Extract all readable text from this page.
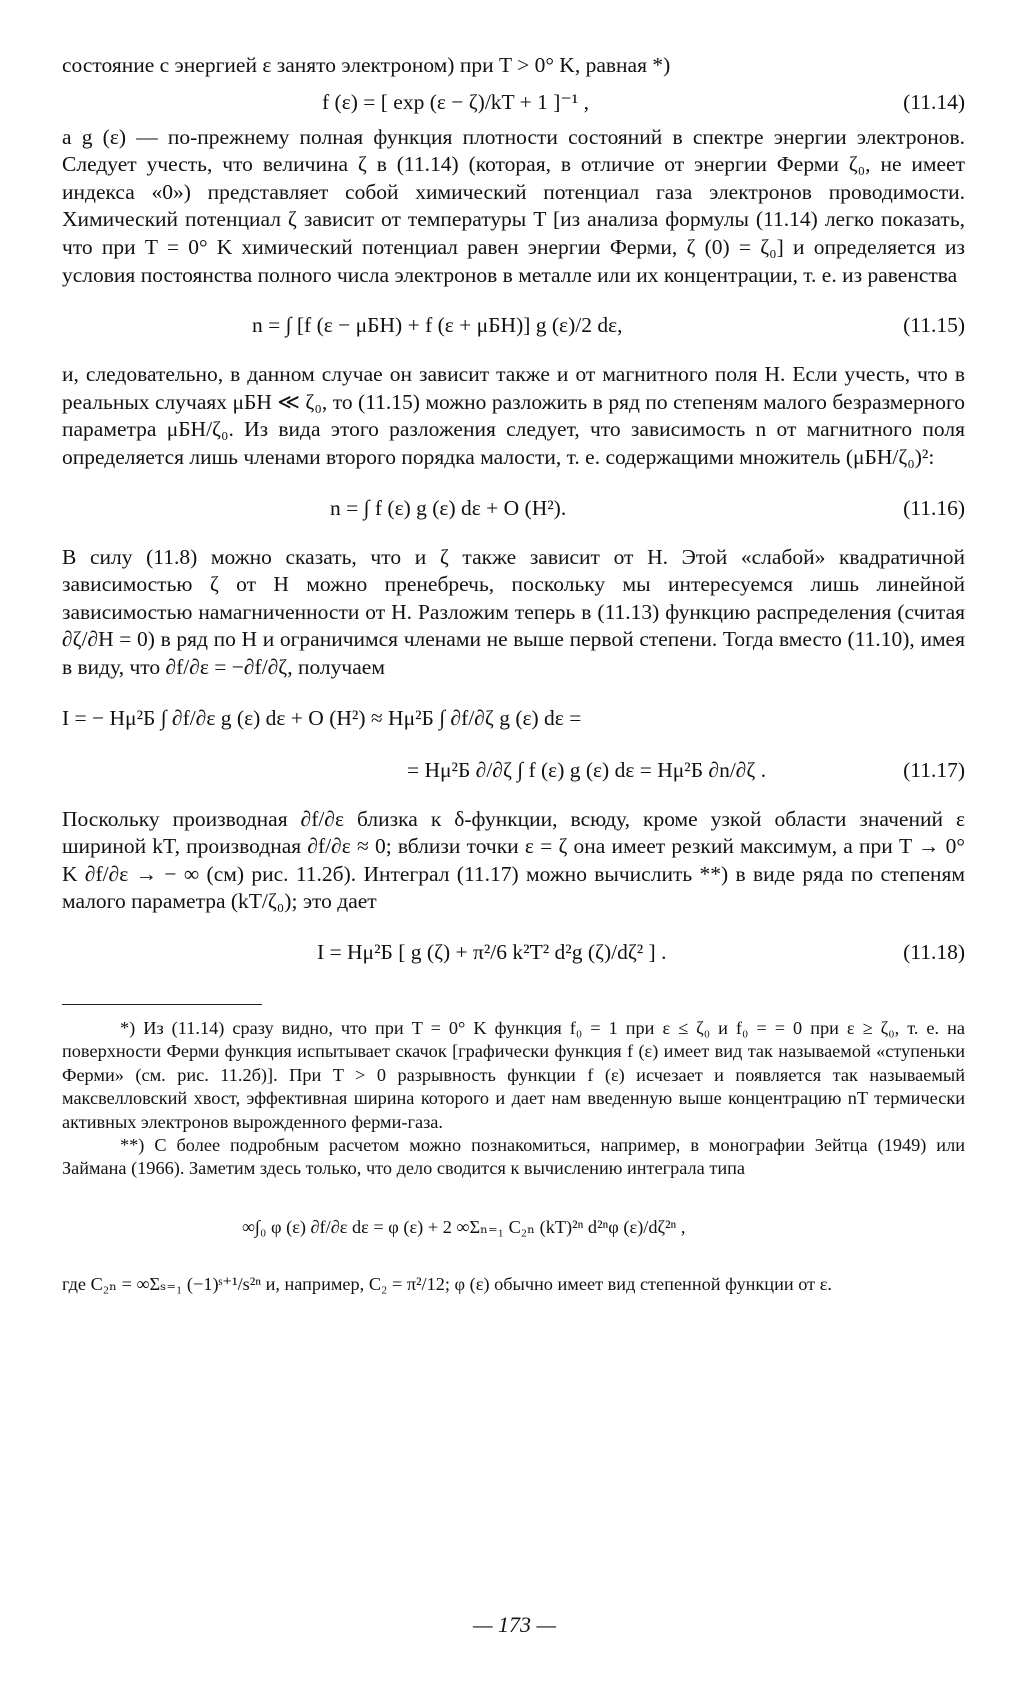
состояние с энергией ε занято электроном) при T > 0° K, равная *)

f (ε) = [ exp (ε − ζ)/kT + 1 ]⁻¹ ,	(11.14)

а g (ε) — по-прежнему полная функция плотности состояний в спектре энергии электронов. Следует учесть, что величина ζ в (11.14) (которая, в отличие от энергии Ферми ζ₀, не имеет индекса «0») представляет собой химический потенциал газа электронов проводимости. Химический потенциал ζ зависит от температуры T [из анализа формулы (11.14) легко показать, что при T = 0° K химический потенциал равен энергии Ферми, ζ (0) = ζ₀] и определяется из условия постоянства полного числа электронов в металле или их концентрации, т. е. из равенства

n = ∫ [f (ε − μБH) + f (ε + μБH)] g (ε)/2 dε,	(11.15)

и, следовательно, в данном случае он зависит также и от магнитного поля H. Если учесть, что в реальных случаях μБH ≪ ζ₀, то (11.15) можно разложить в ряд по степеням малого безразмерного параметра μБH/ζ₀. Из вида этого разложения следует, что зависимость n от магнитного поля определяется лишь членами второго порядка малости, т. е. содержащими множитель (μБH/ζ₀)²:

n = ∫ f (ε) g (ε) dε + O (H²).	(11.16)

В силу (11.8) можно сказать, что и ζ также зависит от H. Этой «слабой» квадратичной зависимостью ζ от H можно пренебречь, поскольку мы интересуемся лишь линейной зависимостью намагниченности от H. Разложим теперь в (11.13) функцию распределения (считая ∂ζ/∂H = 0) в ряд по H и ограничимся членами не выше первой степени. Тогда вместо (11.10), имея в виду, что ∂f/∂ε = −∂f/∂ζ, получаем

I = − Hμ²Б ∫ ∂f/∂ε g (ε) dε + O (H²) ≈ Hμ²Б ∫ ∂f/∂ζ g (ε) dε =
= Hμ²Б ∂/∂ζ ∫ f (ε) g (ε) dε = Hμ²Б ∂n/∂ζ .	(11.17)

Поскольку производная ∂f/∂ε близка к δ-функции, всюду, кроме узкой области значений ε шириной kT, производная ∂f/∂ε ≈ 0; вблизи точки ε = ζ она имеет резкий максимум, а при T → 0° K ∂f/∂ε → − ∞ (см) рис. 11.2б). Интеграл (11.17) можно вычислить **) в виде ряда по степеням малого параметра (kT/ζ₀); это дает

I = Hμ²Б [ g (ζ) + π²/6 k²T² d²g (ζ)/dζ² ] .	(11.18)

*) Из (11.14) сразу видно, что при T = 0° K функция f₀ = 1 при ε ≤ ζ₀ и f₀ = = 0 при ε ≥ ζ₀, т. е. на поверхности Ферми функция испытывает скачок [графически функция f (ε) имеет вид так называемой «ступеньки Ферми» (см. рис. 11.2б)]. При T > 0 разрывность функции f (ε) исчезает и появляется так называемый максвелловский хвост, эффективная ширина которого и дает нам введенную выше концентрацию nT термически активных электронов вырожденного ферми-газа.

**) С более подробным расчетом можно познакомиться, например, в монографии Зейтца (1949) или Займана (1966). Заметим здесь только, что дело сводится к вычислению интеграла типа

∞∫₀ φ (ε) ∂f/∂ε dε = φ (ε) + 2 ∞Σₙ₌₁ C₂ₙ (kT)²ⁿ d²ⁿφ (ε)/dζ²ⁿ ,

где C₂ₙ = ∞Σₛ₌₁ (−1)ˢ⁺¹/s²ⁿ и, например, C₂ = π²/12; φ (ε) обычно имеет вид степенной функции от ε.

— 173 —
